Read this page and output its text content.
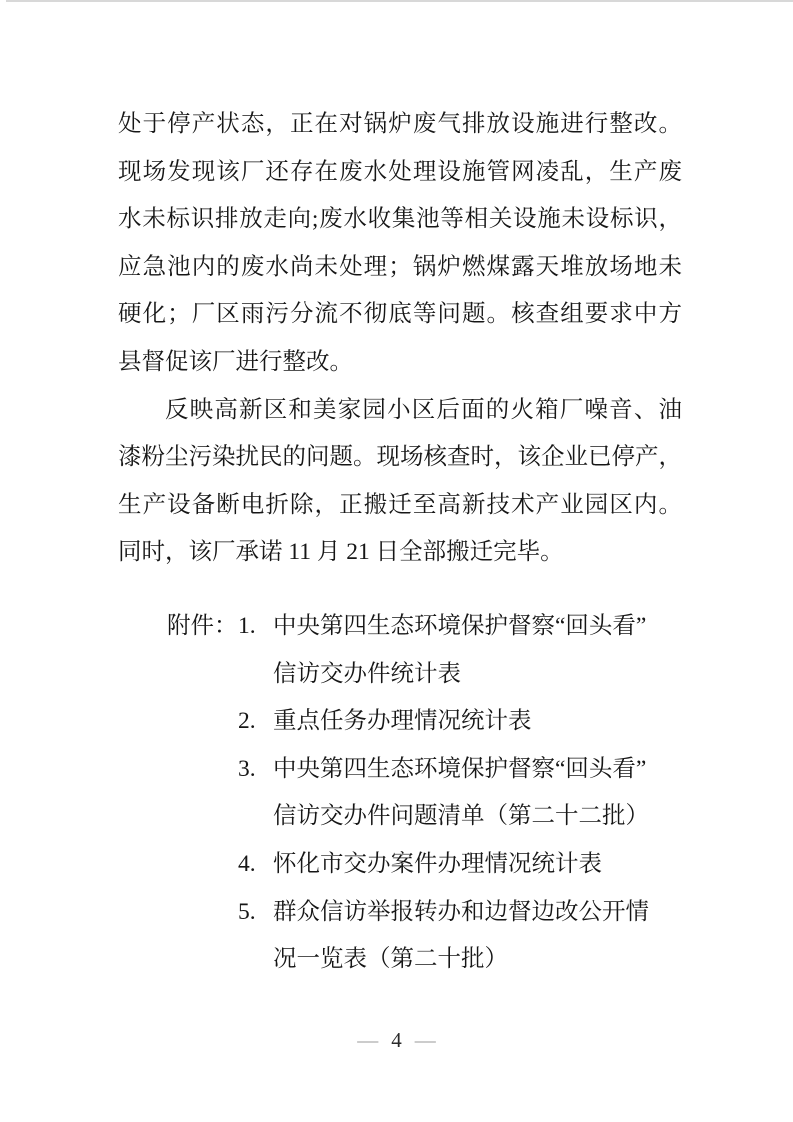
处于停产状态，正在对锅炉废气排放设施进行整改。
现场发现该厂还存在废水处理设施管网凌乱，生产废
水未标识排放走向;废水收集池等相关设施未设标识，
应急池内的废水尚未处理；锅炉燃煤露天堆放场地未
硬化；厂区雨污分流不彻底等问题。核查组要求中方
县督促该厂进行整改。
反映高新区和美家园小区后面的火箱厂噪音、油
漆粉尘污染扰民的问题。现场核查时，该企业已停产，
生产设备断电折除，正搬迁至高新技术产业园区内。
同时，该厂承诺 11 月 21 日全部搬迁完毕。
附件： 1. 中央第四生态环境保护督察“回头看”
信访交办件统计表
2. 重点任务办理情况统计表
3. 中央第四生态环境保护督察“回头看”
信访交办件问题清单（第二十二批）
4. 怀化市交办案件办理情况统计表
5. 群众信访举报转办和边督边改公开情
况一览表（第二十批）
— 4 —
